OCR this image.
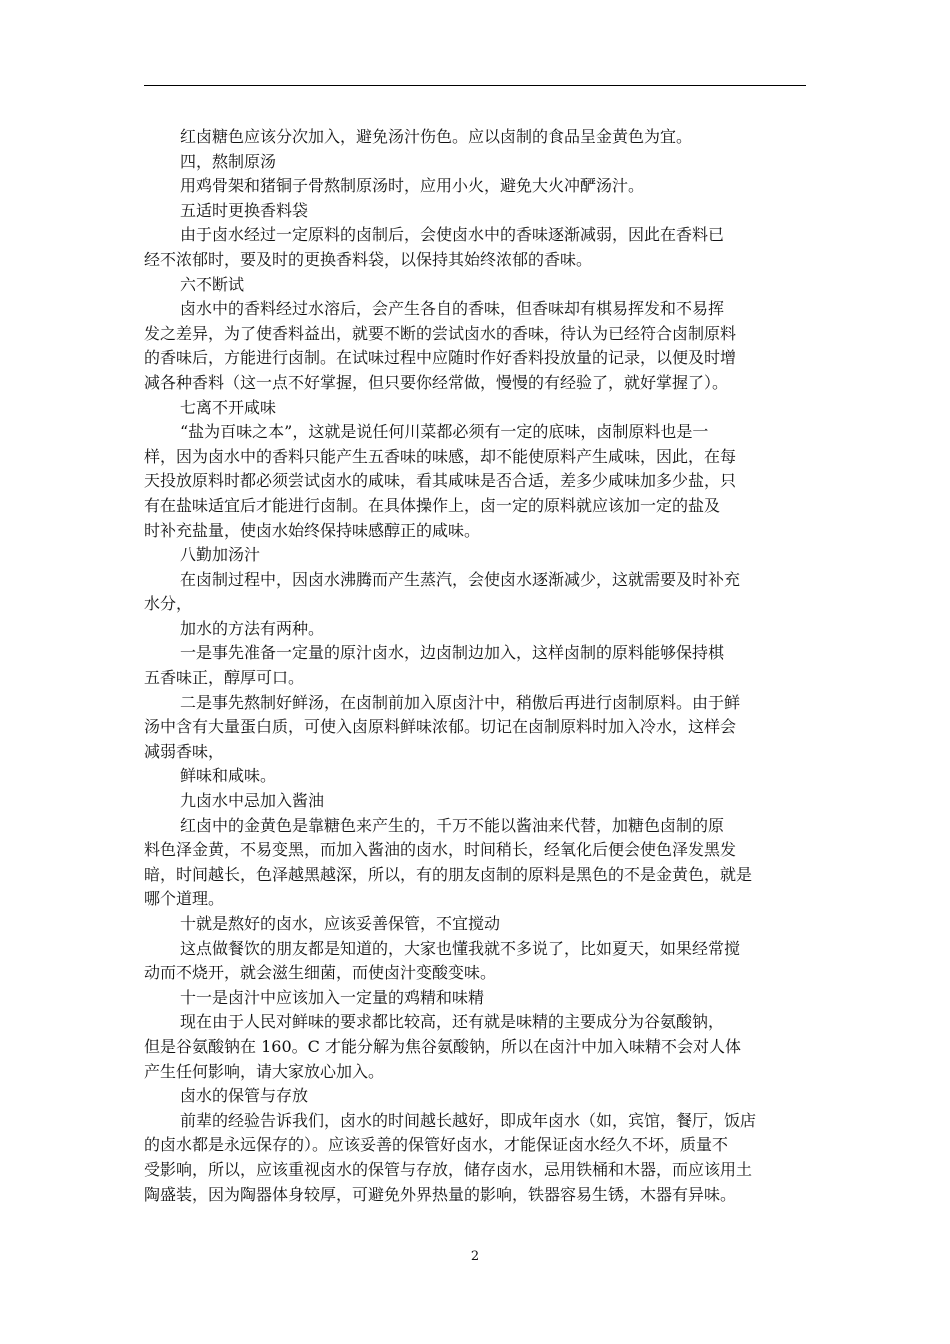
红卤糖色应该分次加入，避免汤汁伤色。应以卤制的食品呈金黄色为宜。
四，熬制原汤
用鸡骨架和猪铜子骨熬制原汤时，应用小火，避免大火冲酽汤汁。
五适时更换香料袋
由于卤水经过一定原料的卤制后，会使卤水中的香味逐渐减弱，因此在香料已
经不浓郁时，要及时的更换香料袋，以保持其始终浓郁的香味。
六不断试
卤水中的香料经过水溶后，会产生各自的香味，但香味却有棋易挥发和不易挥
发之差异，为了使香料益出，就要不断的尝试卤水的香味，待认为已经符合卤制原料
的香味后，方能进行卤制。在试味过程中应随时作好香料投放量的记录，以便及时增
减各种香料（这一点不好掌握，但只要你经常做，慢慢的有经验了，就好掌握了）。
七离不开咸味
“盐为百味之本”，这就是说任何川菜都必须有一定的底味，卤制原料也是一
样，因为卤水中的香料只能产生五香味的味感，却不能使原料产生咸味，因此，在每
天投放原料时都必须尝试卤水的咸味，看其咸味是否合适，差多少咸味加多少盐，只
有在盐味适宜后才能进行卤制。在具体操作上，卤一定的原料就应该加一定的盐及
时补充盐量，使卤水始终保持味感醇正的咸味。
八勤加汤汁
在卤制过程中，因卤水沸腾而产生蒸汽，会使卤水逐渐减少，这就需要及时补充
水分，
加水的方法有两种。
一是事先准备一定量的原汁卤水，边卤制边加入，这样卤制的原料能够保持棋
五香味正，醇厚可口。
二是事先熬制好鲜汤，在卤制前加入原卤汁中，稍傲后再进行卤制原料。由于鲜
汤中含有大量蛋白质，可使入卤原料鲜味浓郁。切记在卤制原料时加入冷水，这样会
减弱香味，
鲜味和咸味。
九卤水中忌加入酱油
红卤中的金黄色是靠糖色来产生的，千万不能以酱油来代替，加糖色卤制的原
料色泽金黄，不易变黑，而加入酱油的卤水，时间稍长，经氧化后便会使色泽发黑发
暗，时间越长，色泽越黑越深，所以，有的朋友卤制的原料是黑色的不是金黄色，就是
哪个道理。
十就是熬好的卤水，应该妥善保管，不宜搅动
这点做餐饮的朋友都是知道的，大家也懂我就不多说了，比如夏天，如果经常搅
动而不烧开，就会滋生细菌，而使卤汁变酸变味。
十一是卤汁中应该加入一定量的鸡精和味精
现在由于人民对鲜味的要求都比较高，还有就是味精的主要成分为谷氨酸钠，
但是谷氨酸钠在 160。C 才能分解为焦谷氨酸钠，所以在卤汁中加入味精不会对人体
产生任何影响，请大家放心加入。
卤水的保管与存放
前辈的经验告诉我们，卤水的时间越长越好，即成年卤水（如，宾馆，餐厅，饭店
的卤水都是永远保存的）。应该妥善的保管好卤水，才能保证卤水经久不坏，质量不
受影响，所以，应该重视卤水的保管与存放，储存卤水，忌用铁桶和木器，而应该用土
陶盛装，因为陶器体身较厚，可避免外界热量的影响，铁器容易生锈，木器有异味。
2
